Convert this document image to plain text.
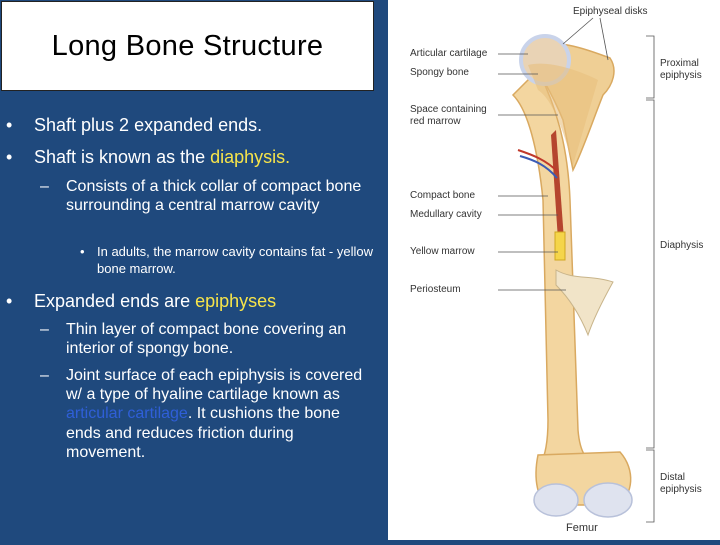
Long Bone Structure
• Shaft plus 2 expanded ends.
• Shaft is known as the diaphysis.
– Consists of a thick collar of compact bone surrounding a central marrow cavity
• In adults, the marrow cavity contains fat - yellow bone marrow.
• Expanded ends are epiphyses
– Thin layer of compact bone covering an interior of spongy bone.
– Joint surface of each epiphysis is covered w/ a type of hyaline cartilage known as articular cartilage. It cushions the bone ends and reduces friction during movement.
Epiphyseal disks
Articular cartilage
Spongy bone
Space containing
red marrow
Compact bone
Medullary cavity
Yellow marrow
Periosteum
Proximal
epiphysis
Diaphysis
Distal
epiphysis
Femur
